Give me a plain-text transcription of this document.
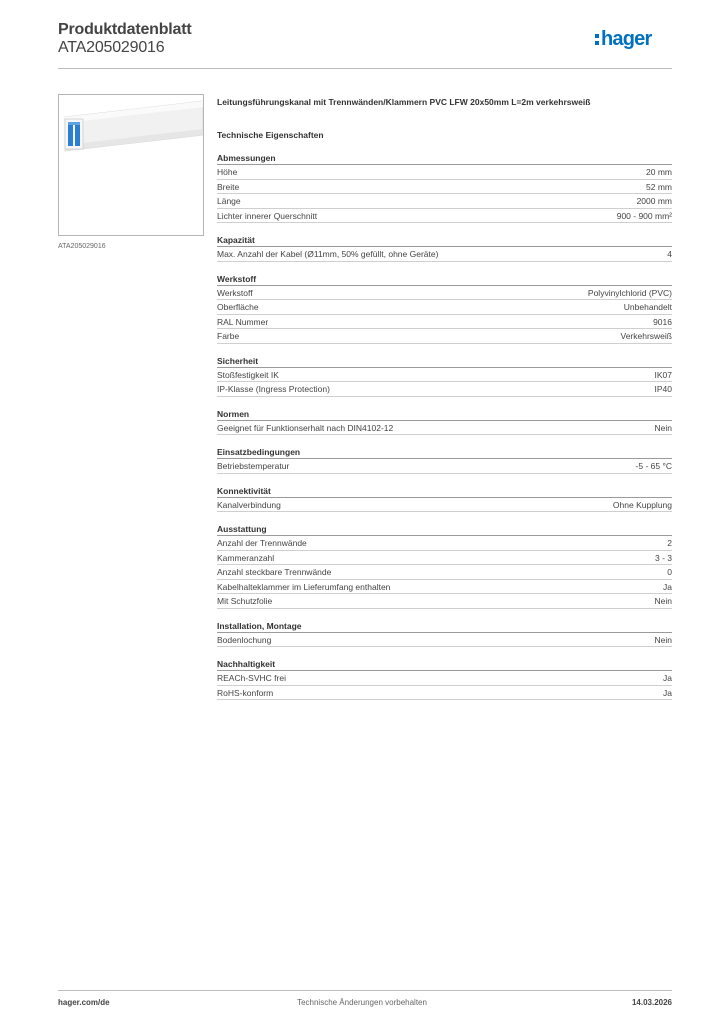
Produktdatenblatt
ATA205029016	hager
ATA205029016
Leitungsführungskanal mit Trennwänden/Klammern PVC LFW 20x50mm L=2m verkehrsweiß
Technische Eigenschaften
Abmessungen
Höhe	20 mm
Breite	52 mm
Länge	2000 mm
Lichter innerer Querschnitt	900 - 900 mm²
Kapazität
Max. Anzahl der Kabel (Ø11mm, 50% gefüllt, ohne Geräte)	4
Werkstoff
Werkstoff	Polyvinylchlorid (PVC)
Oberfläche	Unbehandelt
RAL Nummer	9016
Farbe	Verkehrsweiß
Sicherheit
Stoßfestigkeit IK	IK07
IP-Klasse (Ingress Protection)	IP40
Normen
Geeignet für Funktionserhalt nach DIN4102-12	Nein
Einsatzbedingungen
Betriebstemperatur	-5 - 65 °C
Konnektivität
Kanalverbindung	Ohne Kupplung
Ausstattung
Anzahl der Trennwände	2
Kammeranzahl	3 - 3
Anzahl steckbare Trennwände	0
Kabelhalteklammer im Lieferumfang enthalten	Ja
Mit Schutzfolie	Nein
Installation, Montage
Bodenlochung	Nein
Nachhaltigkeit
REACh-SVHC frei	Ja
RoHS-konform	Ja
hager.com/de	Technische Änderungen vorbehalten	14.03.2026
